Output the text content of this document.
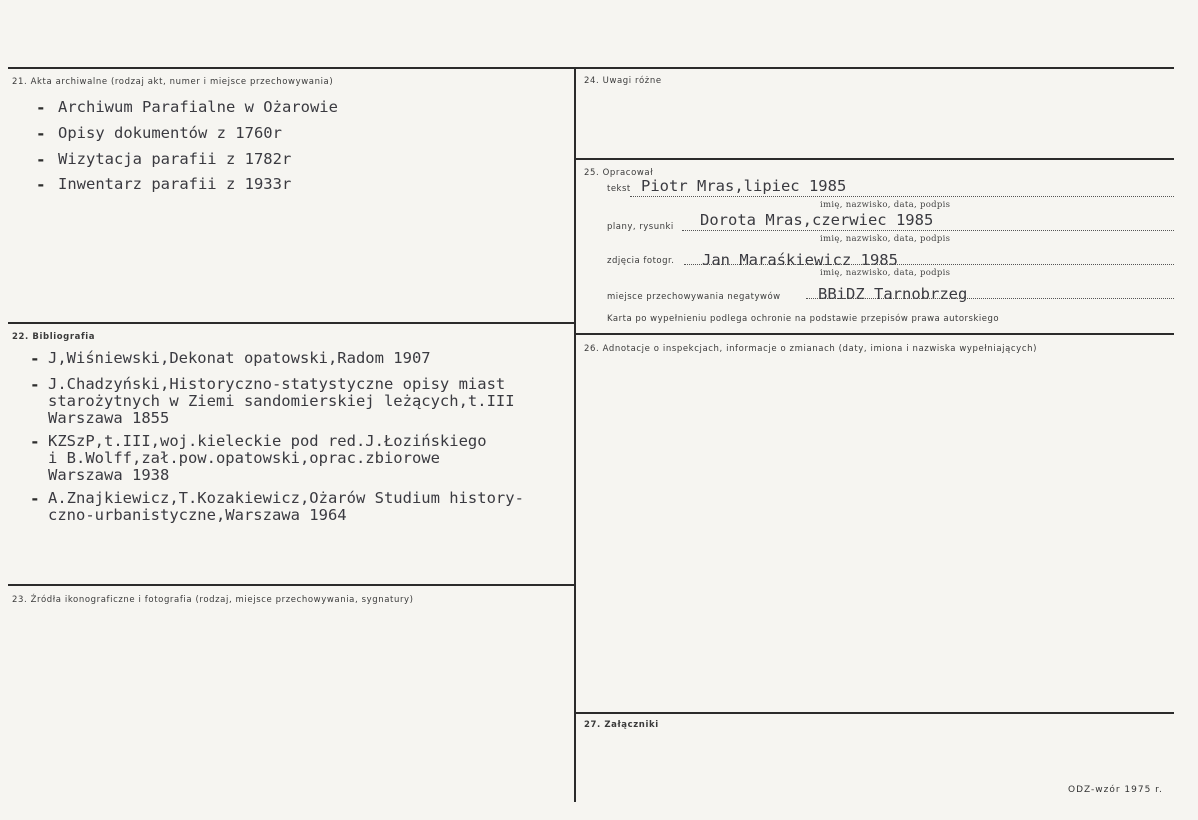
21. Akta archiwalne (rodzaj akt, numer i miejsce przechowywania)
- Archiwum Parafialne w Ożarowie
- Opisy dokumentów z 1760r
- Wizytacja parafii z 1782r
- Inwentarz parafii z 1933r
22. Bibliografia
- J,Wiśniewski,Dekonat opatowski,Radom 1907
- J.Chadzyński,Historyczno-statystyczne opisy miast
starożytnych w Ziemi sandomierskiej leżących,t.III
Warszawa 1855
- KZSzP,t.III,woj.kieleckie pod red.J.Łozińskiego
i B.Wolff,zał.pow.opatowski,oprac.zbiorowe
Warszawa 1938
- A.Znajkiewicz,T.Kozakiewicz,Ożarów Studium history-
czno-urbanistyczne,Warszawa 1964
23. Źródła ikonograficzne i fotografia (rodzaj, miejsce przechowywania, sygnatury)
24. Uwagi różne
25. Opracował
tekst Piotr Mras,lipiec 1985
imię, nazwisko, data, podpis
plany, rysunki Dorota Mras,czerwiec 1985
imię, nazwisko, data, podpis
zdjęcia fotogr. Jan Maraśkiewicz 1985
imię, nazwisko, data, podpis
miejsce przechowywania negatywów BBiDZ Tarnobrzeg
Karta po wypełnieniu podlega ochronie na podstawie przepisów prawa autorskiego
26. Adnotacje o inspekcjach, informacje o zmianach (daty, imiona i nazwiska wypełniających)
27. Załączniki
ODZ-wzór 1975 r.
